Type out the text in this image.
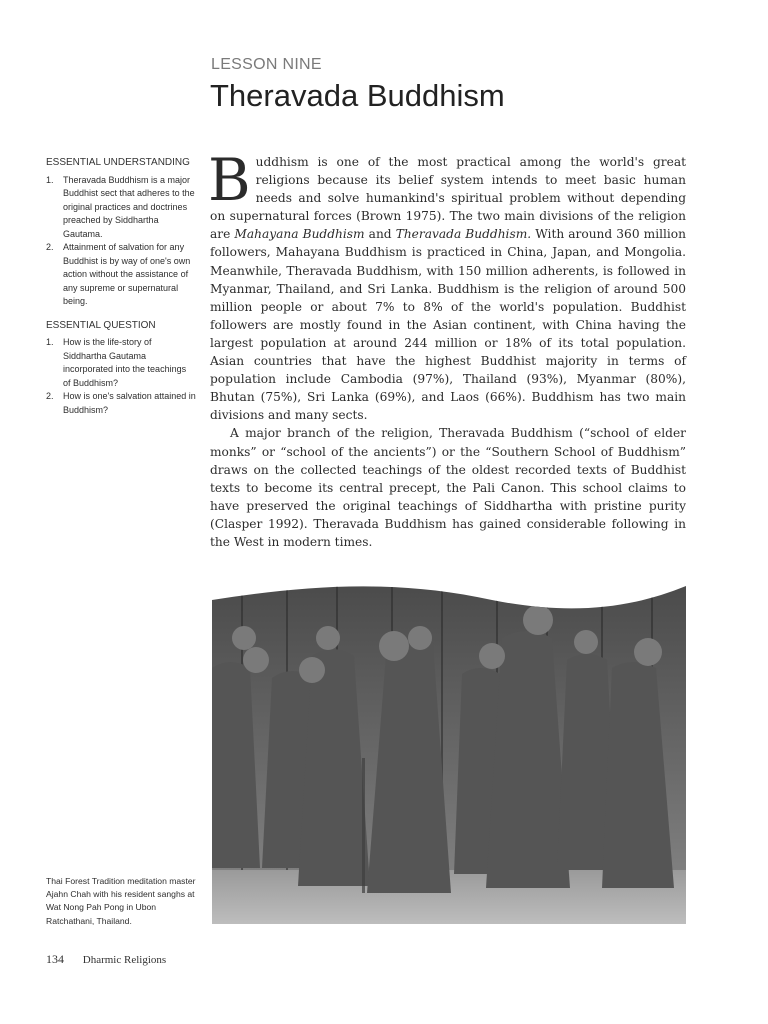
LESSON NINE
Theravada Buddhism
ESSENTIAL UNDERSTANDING
1. Theravada Buddhism is a major Buddhist sect that adheres to the original practices and doctrines preached by Siddhartha Gautama.
2. Attainment of salvation for any Buddhist is by way of one's own action without the assistance of any supreme or supernatural being.
ESSENTIAL QUESTION
1. How is the life-story of Siddhartha Gautama incorporated into the teachings of Buddhism?
2. How is one's salvation attained in Buddhism?

Buddhism is one of the most practical among the world's great religions because its belief system intends to meet basic human needs and solve humankind's spiritual problem without depending on supernatural forces (Brown 1975). The two main divisions of the religion are Mahayana Buddhism and Theravada Buddhism. With around 360 million followers, Mahayana Buddhism is practiced in China, Japan, and Mongolia. Meanwhile, Theravada Buddhism, with 150 million adherents, is followed in Myanmar, Thailand, and Sri Lanka. Buddhism is the religion of around 500 million people or about 7% to 8% of the world's population. Buddhist followers are mostly found in the Asian continent, with China having the largest population at around 244 million or 18% of its total population. Asian countries that have the highest Buddhist majority in terms of population include Cambodia (97%), Thailand (93%), Myanmar (80%), Bhutan (75%), Sri Lanka (69%), and Laos (66%). Buddhism has two main divisions and many sects.

A major branch of the religion, Theravada Buddhism (“school of elder monks” or “school of the ancients”) or the “Southern School of Buddhism” draws on the collected teachings of the oldest recorded texts of Buddhist texts to become its central precept, the Pali Canon. This school claims to have preserved the original teachings of Siddhartha with pristine purity (Clasper 1992). Theravada Buddhism has gained considerable following in the West in modern times.

Thai Forest Tradition meditation master Ajahn Chah with his resident sanghs at Wat Nong Pah Pong in Ubon Ratchathani, Thailand.
134 Dharmic Religions
